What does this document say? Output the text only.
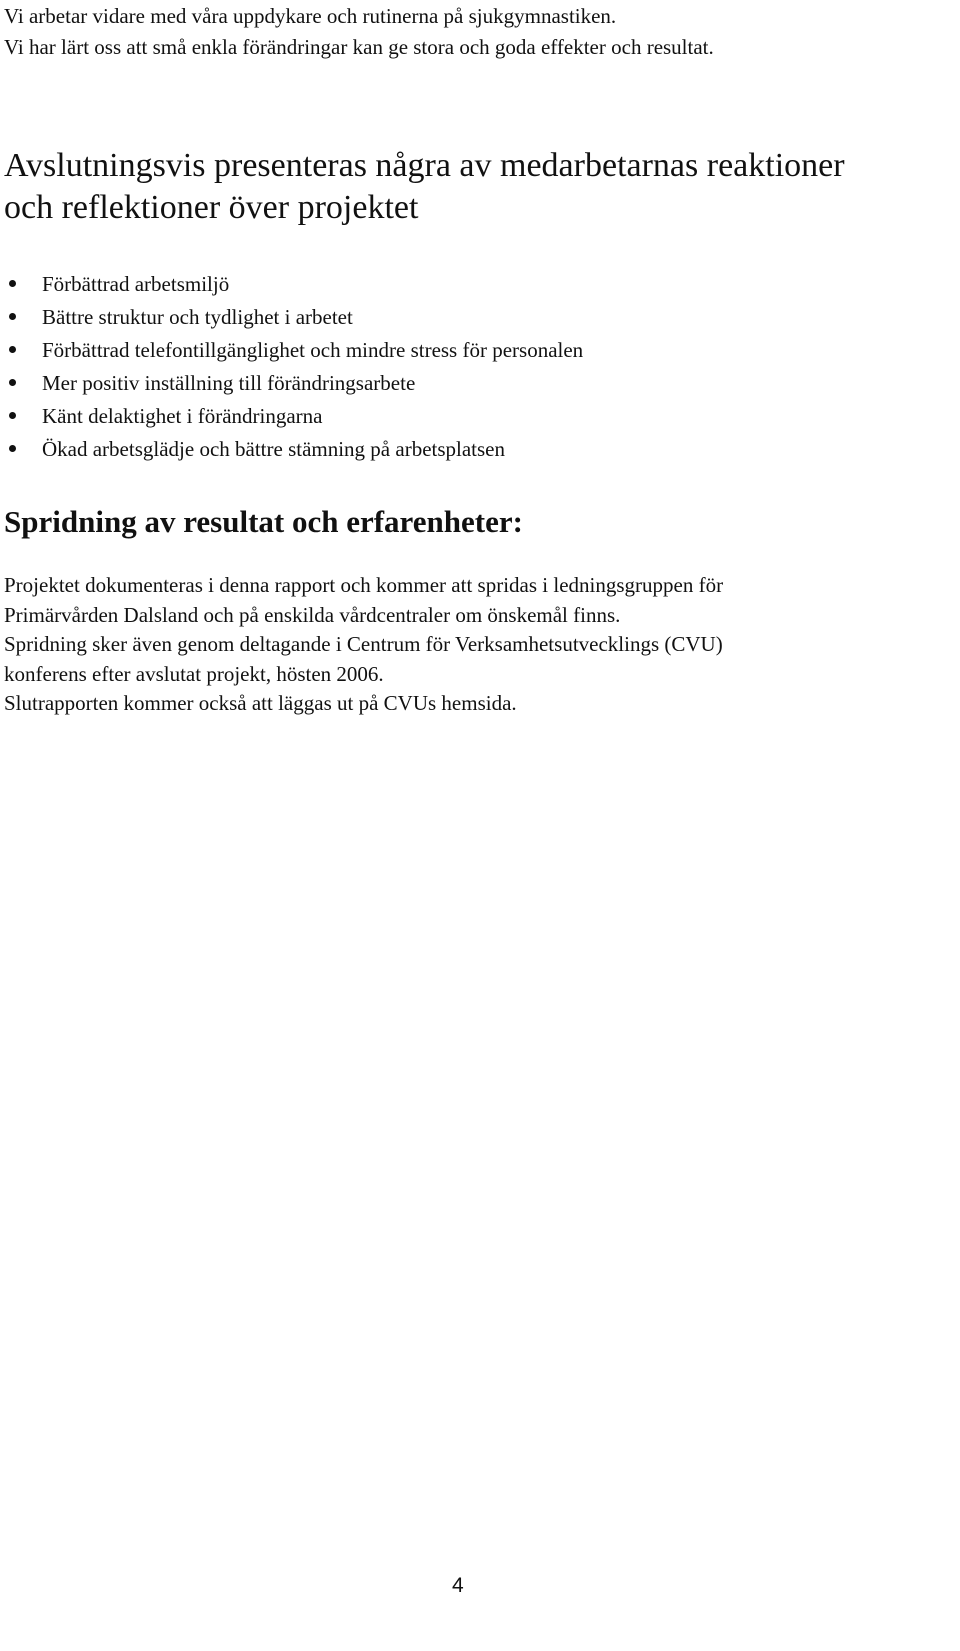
Vi arbetar vidare med våra uppdykare och rutinerna på sjukgymnastiken.

Vi har lärt oss att små enkla förändringar kan ge stora och goda effekter och resultat.

Avslutningsvis presenteras några av medarbetarnas reaktioner
och reflektioner över projektet
Förbättrad arbetsmiljö
Bättre struktur och tydlighet i arbetet
Förbättrad telefontillgänglighet och mindre stress för personalen
Mer positiv inställning till förändringsarbete
Känt delaktighet i förändringarna
Ökad arbetsglädje och bättre stämning på arbetsplatsen
Spridning av resultat och erfarenheter:
Projektet dokumenteras i denna rapport och kommer att spridas i ledningsgruppen för
Primärvården Dalsland och på enskilda vårdcentraler om önskemål finns.
Spridning sker även genom deltagande i Centrum för Verksamhetsutvecklings (CVU)
konferens efter avslutat projekt, hösten 2006.
Slutrapporten kommer också att läggas ut på CVUs hemsida.
4
